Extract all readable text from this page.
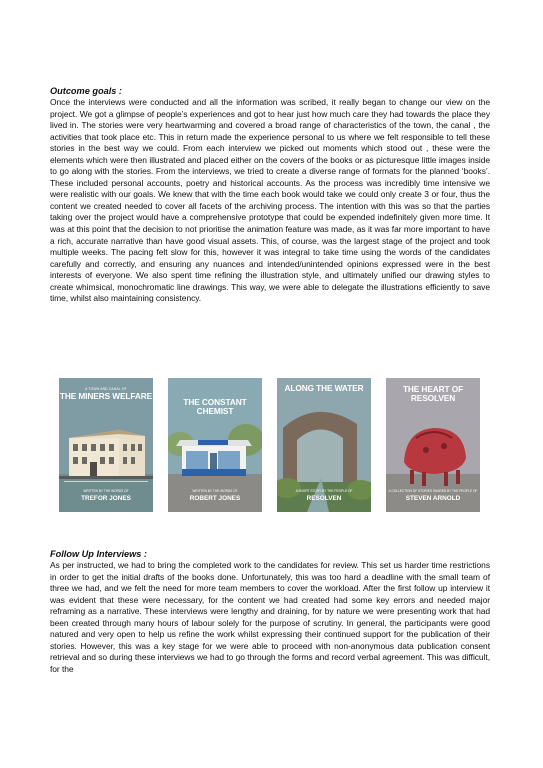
Outcome goals :

Once the interviews were conducted and all the information was scribed, it really began to change our view on the project. We got a glimpse of people’s experiences and got to hear just how much care they had towards the place they lived in. The stories were very heartwarming and covered a broad range of characteristics of the town, the canal , the activities that took place etc. This in return made the experience personal to us where we felt responsible to tell these stories in the best way we could. From each interview we picked out moments which stood out , these were the elements which were then illustrated and placed either on the covers of the books or as picturesque little images inside to go along with the stories. From the interviews, we tried to create a diverse range of formats for the planned ‘books’. These included personal accounts, poetry and historical accounts. As the process was incredibly time intensive we were realistic with our goals. We knew that with the time each book would take we could only create 3 or four, thus the content we created needed to cover all facets of the archiving process. The intention with this was so that the parties taking over the project would have a comprehensive prototype that could be expended indefinitely given more time. It was at this point that the decision to not prioritise the animation feature was made, as it was far more important to have a rich, accurate narrative than have good visual assets. This, of course, was the largest stage of the project and took multiple weeks. The pacing felt slow for this, however it was integral to take time using the words of the candidates carefully and correctly, and ensuring any nuances and intended/unintended opinions expressed were in the best interests of everyone. We also spent time refining the illustration style, and ultimately unified our drawing styles to create whimsical, monochromatic line drawings. This way, we were able to delegate the illustrations efficiently to save time, whilst also maintaining consistency.

A TOWN AND CANAL OF
THE MINERS WELFARE
WRITTEN BY THE WORDS OF
TREFOR JONES
THE CONSTANT CHEMIST
WRITTEN BY THE WORDS OF
ROBERT JONES
ALONG THE WATER
A SHORT STORY BY THE PEOPLE OF
RESOLVEN
THE HEART OF RESOLVEN
A COLLECTION OF STORIES SHARED BY THE PEOPLE OF
STEVEN ARNOLD

Follow Up Interviews :

As per instructed, we had to bring the completed work to the candidates for review. This set us harder time restrictions in order to get the initial drafts of the books done. Unfortunately, this was too hard a deadline with the small team of three we had, and we felt the need for more team members to cover the workload. After the first follow up interview it was evident that these were necessary, for the content we had created had some key errors and needed major reframing as a narrative. These interviews were lengthy and draining, for by nature we were presenting work that had been created through many hours of labour solely for the purpose of scrutiny. In general, the participants were good natured and very open to help us refine the work whilst expressing their continued support for the publication of their stories. However, this was a key stage for we were able to proceed with non-anonymous data publication consent retrieval and so during these interviews we had to go through the forms and record verbal agreement. This was difficult, for the
